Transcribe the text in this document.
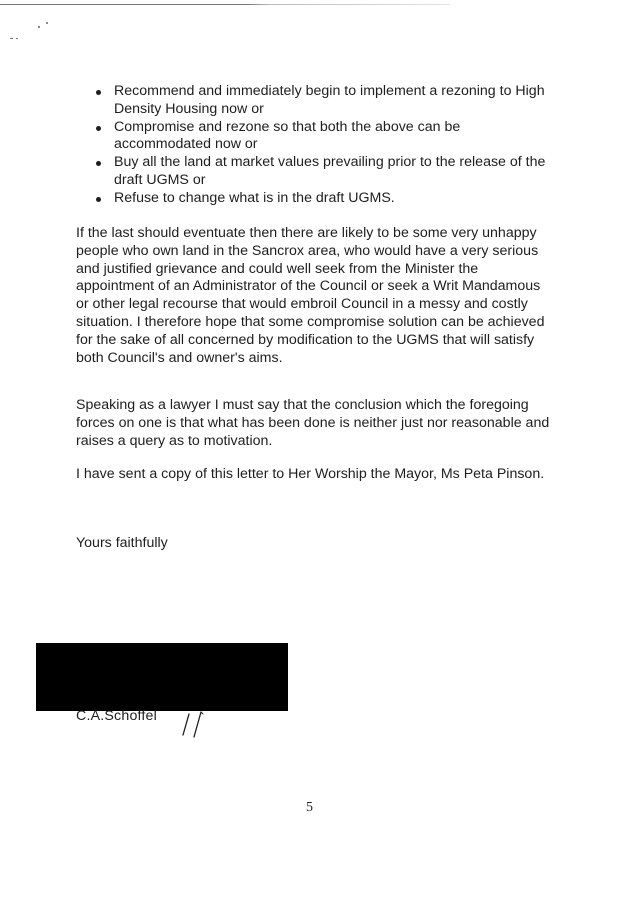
Recommend and immediately begin to implement a rezoning to High Density Housing now or
Compromise and rezone so that both the above can be accommodated now or
Buy all the land at market values prevailing prior to the release of the draft UGMS or
Refuse to change what is in the draft UGMS.

If the last should eventuate then there are likely to be some very unhappy people who own land in the Sancrox area, who would have a very serious and justified grievance and could well seek from the Minister the appointment of an Administrator of the Council or seek a Writ Mandamous or other legal recourse that would embroil Council in a messy and costly situation. I therefore hope that some compromise solution can be achieved for the sake of all concerned by modification to the UGMS that will satisfy both Council's and owner's aims.

Speaking as a lawyer I must say that the conclusion which the foregoing forces on one is that what has been done is neither just nor reasonable and raises a query as to motivation.

I have sent a copy of this letter to Her Worship the Mayor, Ms Peta Pinson.

Yours faithfully

C.A.Schoffel
5
